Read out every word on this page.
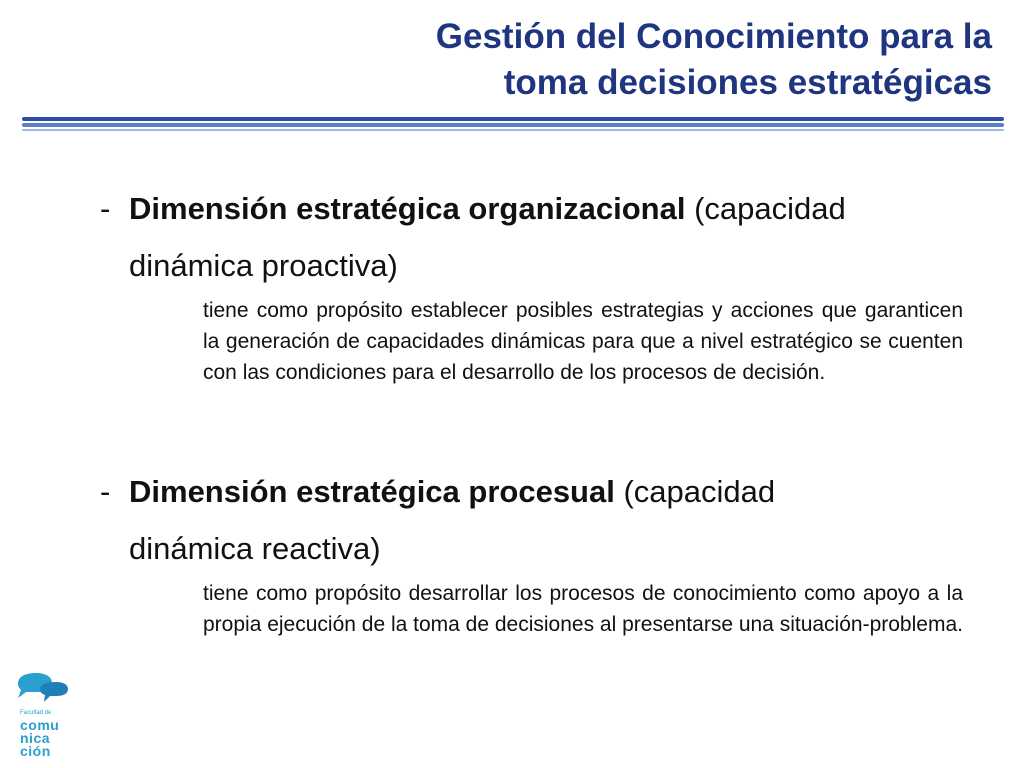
Gestión del Conocimiento para la
toma decisiones estratégicas

- Dimensión estratégica organizacional (capacidad
dinámica proactiva)

tiene como propósito establecer posibles estrategias y acciones que garanticen la generación de capacidades dinámicas para que a nivel estratégico se cuenten con las condiciones para el desarrollo de los procesos de decisión.

- Dimensión estratégica procesual (capacidad
dinámica reactiva)

tiene como propósito desarrollar los procesos de conocimiento como apoyo a la propia ejecución de la toma de decisiones al presentarse una situación-problema.

Facultad de
comu
nica
ción
